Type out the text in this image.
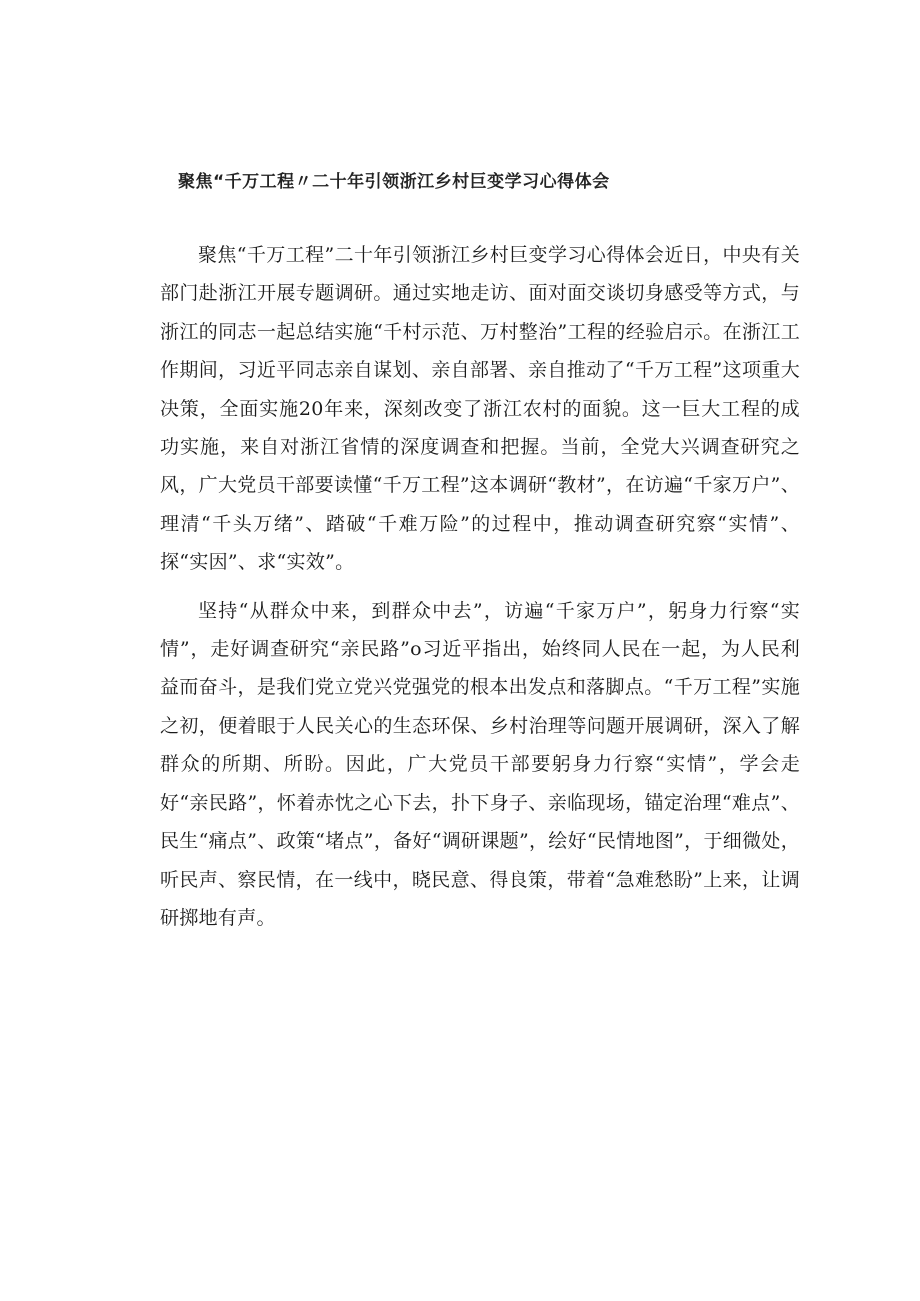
聚焦“千万工程〃二十年引领浙江乡村巨变学习心得体会

聚焦“千万工程”二十年引领浙江乡村巨变学习心得体会近日，中央有关部门赴浙江开展专题调研。通过实地走访、面对面交谈切身感受等方式，与浙江的同志一起总结实施“千村示范、万村整治”工程的经验启示。在浙江工作期间，习近平同志亲自谋划、亲自部署、亲自推动了“千万工程”这项重大决策，全面实施20年来，深刻改变了浙江农村的面貌。这一巨大工程的成功实施，来自对浙江省情的深度调查和把握。当前，全党大兴调查研究之风，广大党员干部要读懂“千万工程”这本调研“教材”，在访遍“千家万户”、理清“千头万绪”、踏破“千难万险”的过程中，推动调查研究察“实情”、探“实因”、求“实效”。

坚持“从群众中来，到群众中去”，访遍“千家万户”，躬身力行察“实情”，走好调查研究“亲民路”o习近平指出，始终同人民在一起，为人民利益而奋斗，是我们党立党兴党强党的根本出发点和落脚点。“千万工程”实施之初，便着眼于人民关心的生态环保、乡村治理等问题开展调研，深入了解群众的所期、所盼。因此，广大党员干部要躬身力行察“实情”，学会走好“亲民路”，怀着赤忱之心下去，扑下身子、亲临现场，锚定治理“难点”、民生“痛点”、政策“堵点”，备好“调研课题”，绘好“民情地图”，于细微处，听民声、察民情，在一线中，晓民意、得良策，带着“急难愁盼”上来，让调研掷地有声。
